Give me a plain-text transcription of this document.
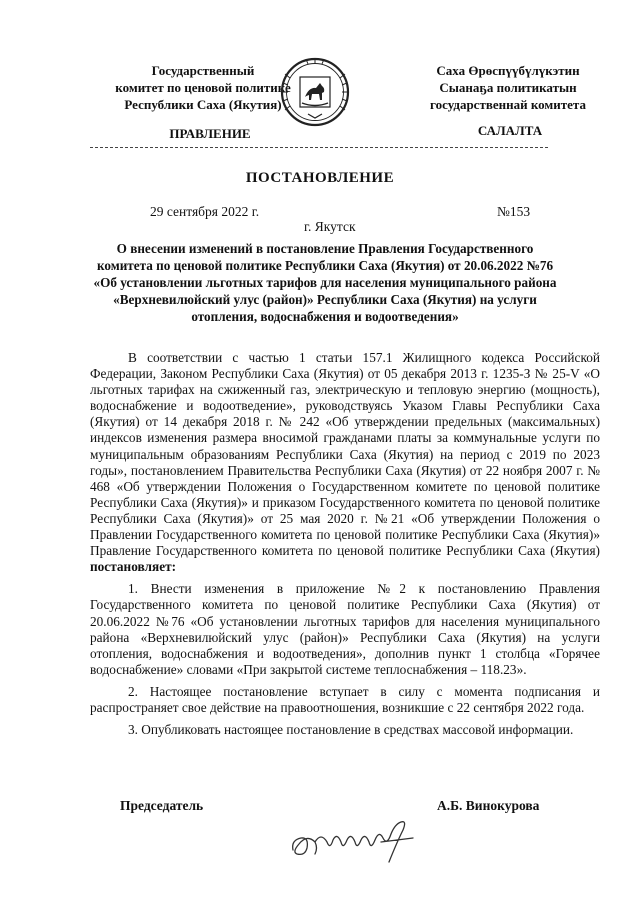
Государственный
комитет по ценовой политике
Республики Саха (Якутия)
Саха Өрөспүүбүлүкэтин
Сыанаҕа политикатын
государственнай комитета
ПРАВЛЕНИЕ	САЛАЛТА
ПОСТАНОВЛЕНИЕ
29 сентября 2022 г.	№153
г. Якутск
О внесении изменений в постановление Правления Государственного комитета по ценовой политике Республики Саха (Якутия) от 20.06.2022 №76 «Об установлении льготных тарифов для населения муниципального района «Верхневилюйский улус (район)» Республики Саха (Якутия) на услуги отопления, водоснабжения и водоотведения»

В соответствии с частью 1 статьи 157.1 Жилищного кодекса Российской Федерации, Законом Республики Саха (Якутия) от 05 декабря 2013 г. 1235-З № 25-V «О льготных тарифах на сжиженный газ, электрическую и тепловую энергию (мощность), водоснабжение и водоотведение», руководствуясь Указом Главы Республики Саха (Якутия) от 14 декабря 2018 г. № 242 «Об утверждении предельных (максимальных) индексов изменения размера вносимой гражданами платы за коммунальные услуги по муниципальным образованиям Республики Саха (Якутия) на период с 2019 по 2023 годы», постановлением Правительства Республики Саха (Якутия) от 22 ноября 2007 г. № 468 «Об утверждении Положения о Государственном комитете по ценовой политике Республики Саха (Якутия)» и приказом Государственного комитета по ценовой политике Республики Саха (Якутия)» от 25 мая 2020 г. №21 «Об утверждении Положения о Правлении Государственного комитета по ценовой политике Республики Саха (Якутия)» Правление Государственного комитета по ценовой политике Республики Саха (Якутия) постановляет:

1. Внести изменения в приложение №2 к постановлению Правления Государственного комитета по ценовой политике Республики Саха (Якутия) от 20.06.2022 №76 «Об установлении льготных тарифов для населения муниципального района «Верхневилюйский улус (район)» Республики Саха (Якутия) на услуги отопления, водоснабжения и водоотведения», дополнив пункт 1 столбца «Горячее водоснабжение» словами «При закрытой системе теплоснабжения – 118.23».

2. Настоящее постановление вступает в силу с момента подписания и распространяет свое действие на правоотношения, возникшие с 22 сентября 2022 года.

3. Опубликовать настоящее постановление в средствах массовой информации.

Председатель	А.Б. Винокурова
